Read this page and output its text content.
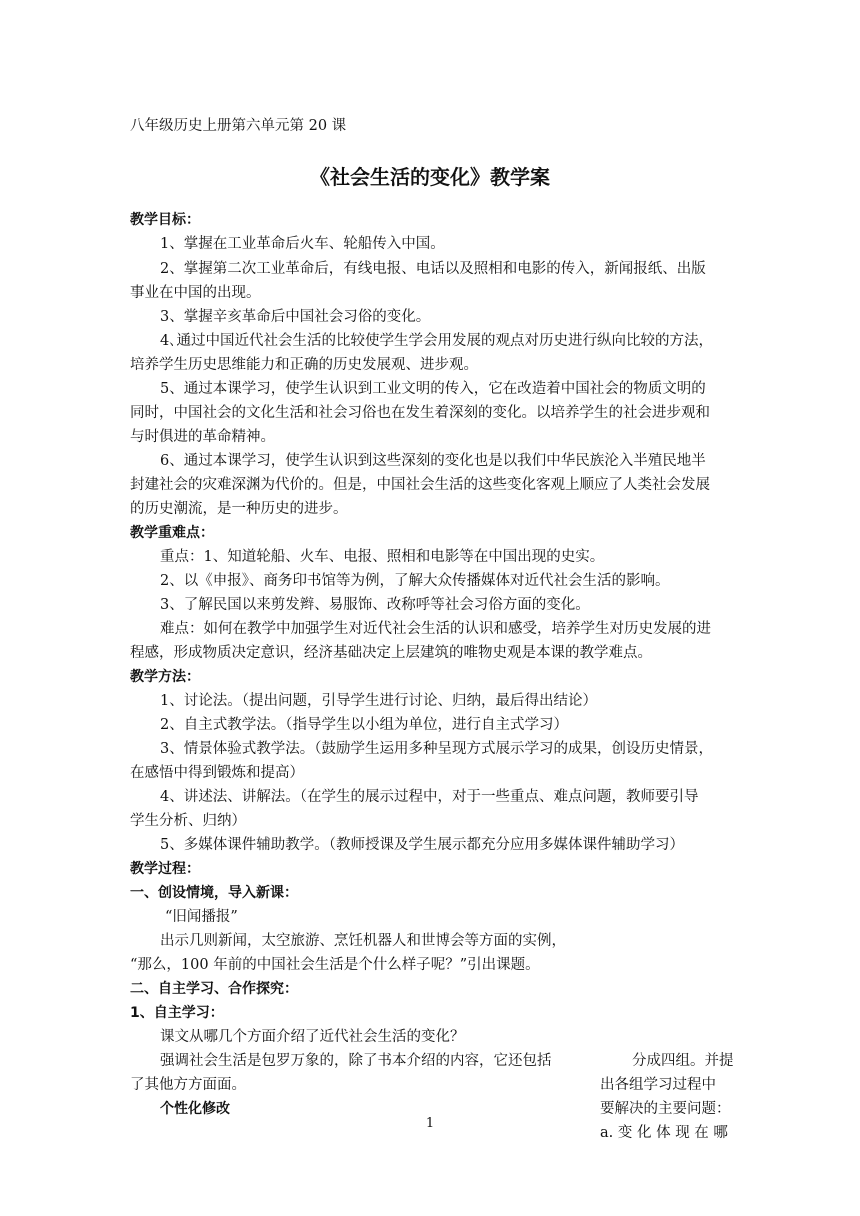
八年级历史上册第六单元第 20 课
《社会生活的变化》教学案
教学目标：
1、掌握在工业革命后火车、轮船传入中国。
2、掌握第二次工业革命后，有线电报、电话以及照相和电影的传入，新闻报纸、出版
事业在中国的出现。
3、掌握辛亥革命后中国社会习俗的变化。
4､通过中国近代社会生活的比较使学生学会用发展的观点对历史进行纵向比较的方法，
培养学生历史思维能力和正确的历史发展观、进步观。
5、通过本课学习，使学生认识到工业文明的传入，它在改造着中国社会的物质文明的
同时，中国社会的文化生活和社会习俗也在发生着深刻的变化。以培养学生的社会进步观和
与时俱进的革命精神。
6、通过本课学习，使学生认识到这些深刻的变化也是以我们中华民族沦入半殖民地半
封建社会的灾难深渊为代价的。但是，中国社会生活的这些变化客观上顺应了人类社会发展
的历史潮流，是一种历史的进步。
教学重难点：
重点：1、知道轮船、火车、电报、照相和电影等在中国出现的史实。
2、以《申报》、商务印书馆等为例，了解大众传播媒体对近代社会生活的影响。
3、了解民国以来剪发辫、易服饰、改称呼等社会习俗方面的变化。
难点：如何在教学中加强学生对近代社会生活的认识和感受，培养学生对历史发展的进
程感，形成物质决定意识，经济基础决定上层建筑的唯物史观是本课的教学难点。
教学方法：
1、讨论法。（提出问题，引导学生进行讨论、归纳，最后得出结论）
2、自主式教学法。（指导学生以小组为单位，进行自主式学习）
3、情景体验式教学法。（鼓励学生运用多种呈现方式展示学习的成果，创设历史情景，
在感悟中得到锻炼和提高）
4、讲述法、讲解法。（在学生的展示过程中，对于一些重点、难点问题，教师要引导
学生分析、归纳）
5、多媒体课件辅助教学。（教师授课及学生展示都充分应用多媒体课件辅助学习）
教学过程：
一、创设情境，导入新课：
“旧闻播报”
出示几则新闻，太空旅游、烹饪机器人和世博会等方面的实例，
“那么，100 年前的中国社会生活是个什么样子呢？”引出课题。
二、自主学习、合作探究：
1、自主学习：
课文从哪几个方面介绍了近代社会生活的变化？
强调社会生活是包罗万象的，除了书本介绍的内容，它还包括
了其他方方面面。
个性化修改
分成四组。并提
出各组学习过程中
要解决的主要问题：
a. 变 化 体 现 在 哪
1
